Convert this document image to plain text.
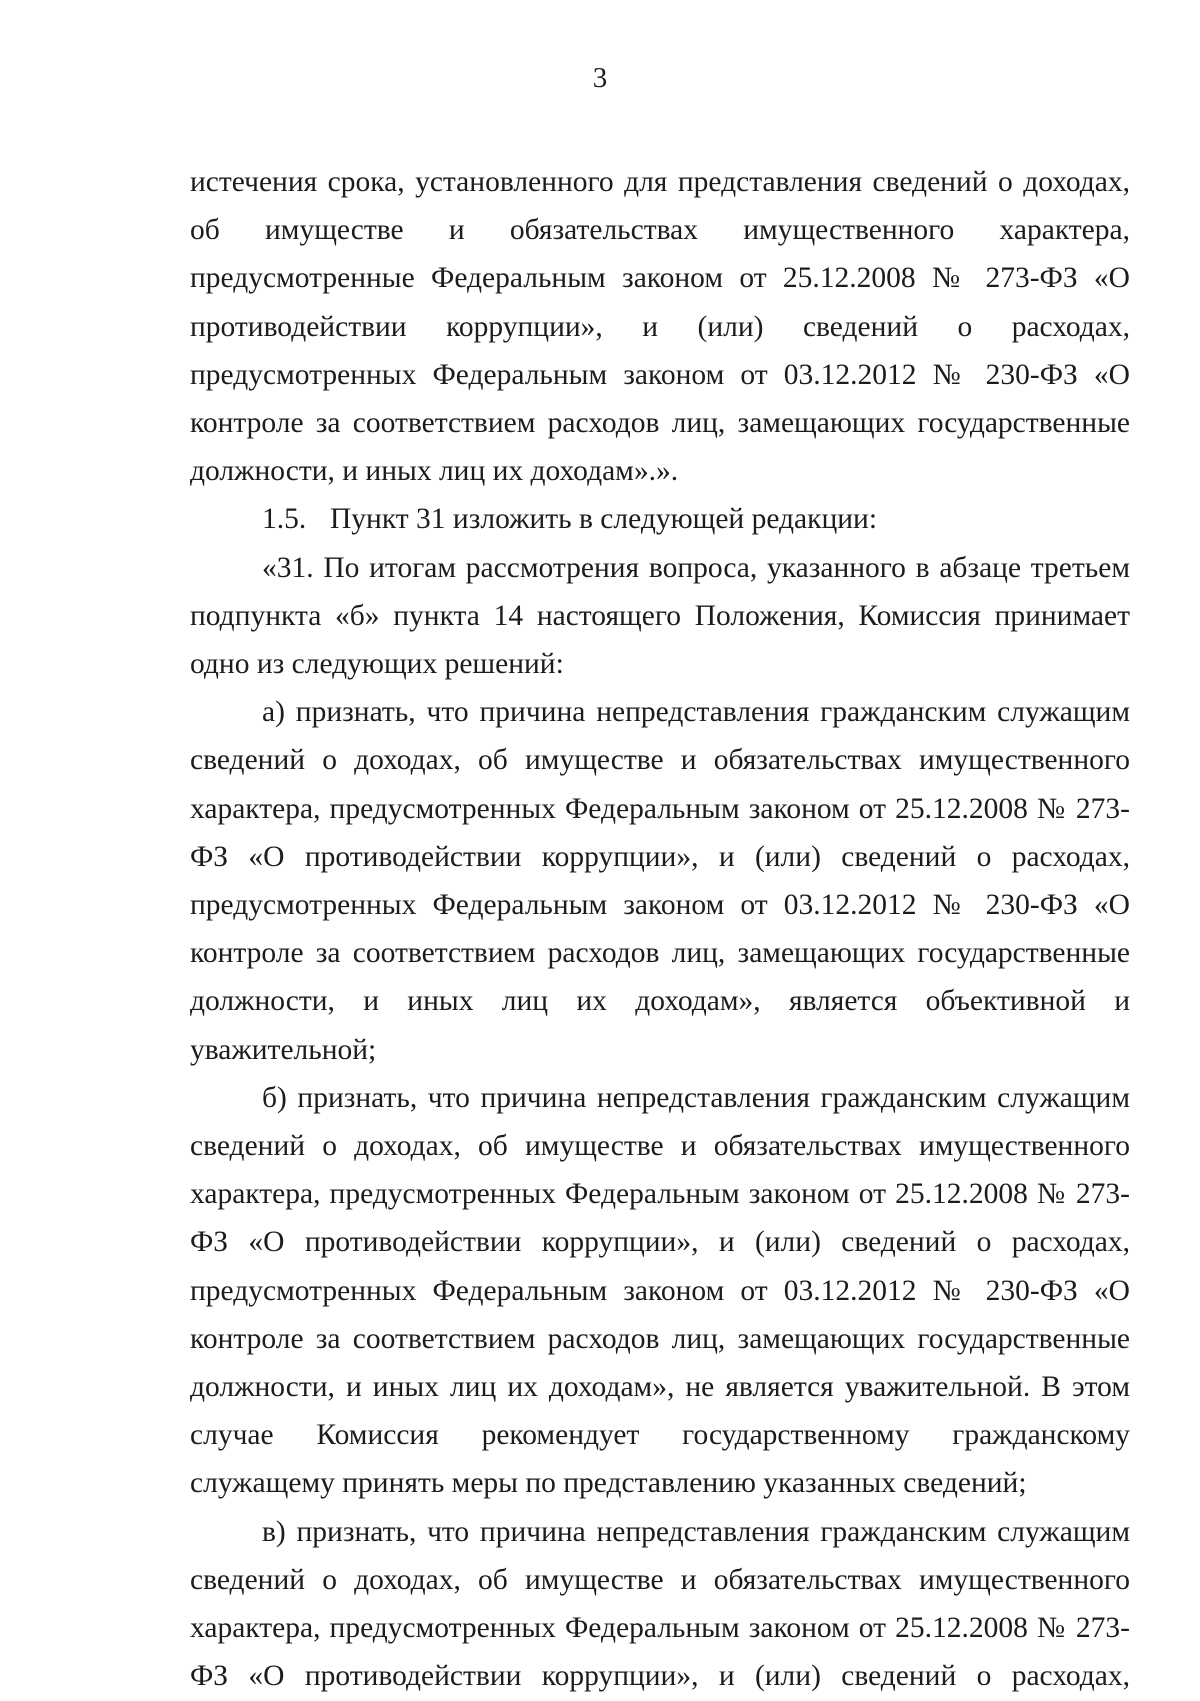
3

истечения срока, установленного для представления сведений о доходах, об имуществе и обязательствах имущественного характера, предусмотренные Федеральным законом от 25.12.2008 № 273-ФЗ «О противодействии коррупции», и (или) сведений о расходах, предусмотренных Федеральным законом от 03.12.2012 № 230-ФЗ «О контроле за соответствием расходов лиц, замещающих государственные должности, и иных лиц их доходам».».

1.5. Пункт 31 изложить в следующей редакции:

«31. По итогам рассмотрения вопроса, указанного в абзаце третьем подпункта «б» пункта 14 настоящего Положения, Комиссия принимает одно из следующих решений:

а) признать, что причина непредставления гражданским служащим сведений о доходах, об имуществе и обязательствах имущественного характера, предусмотренных Федеральным законом от 25.12.2008 № 273-ФЗ «О противодействии коррупции», и (или) сведений о расходах, предусмотренных Федеральным законом от 03.12.2012 № 230-ФЗ «О контроле за соответствием расходов лиц, замещающих государственные должности, и иных лиц их доходам», является объективной и уважительной;

б) признать, что причина непредставления гражданским служащим сведений о доходах, об имуществе и обязательствах имущественного характера, предусмотренных Федеральным законом от 25.12.2008 № 273-ФЗ «О противодействии коррупции», и (или) сведений о расходах, предусмотренных Федеральным законом от 03.12.2012 № 230-ФЗ «О контроле за соответствием расходов лиц, замещающих государственные должности, и иных лиц их доходам», не является уважительной. В этом случае Комиссия рекомендует государственному гражданскому служащему принять меры по представлению указанных сведений;

в) признать, что причина непредставления гражданским служащим сведений о доходах, об имуществе и обязательствах имущественного характера, предусмотренных Федеральным законом от 25.12.2008 № 273-ФЗ «О противодействии коррупции», и (или) сведений о расходах,
